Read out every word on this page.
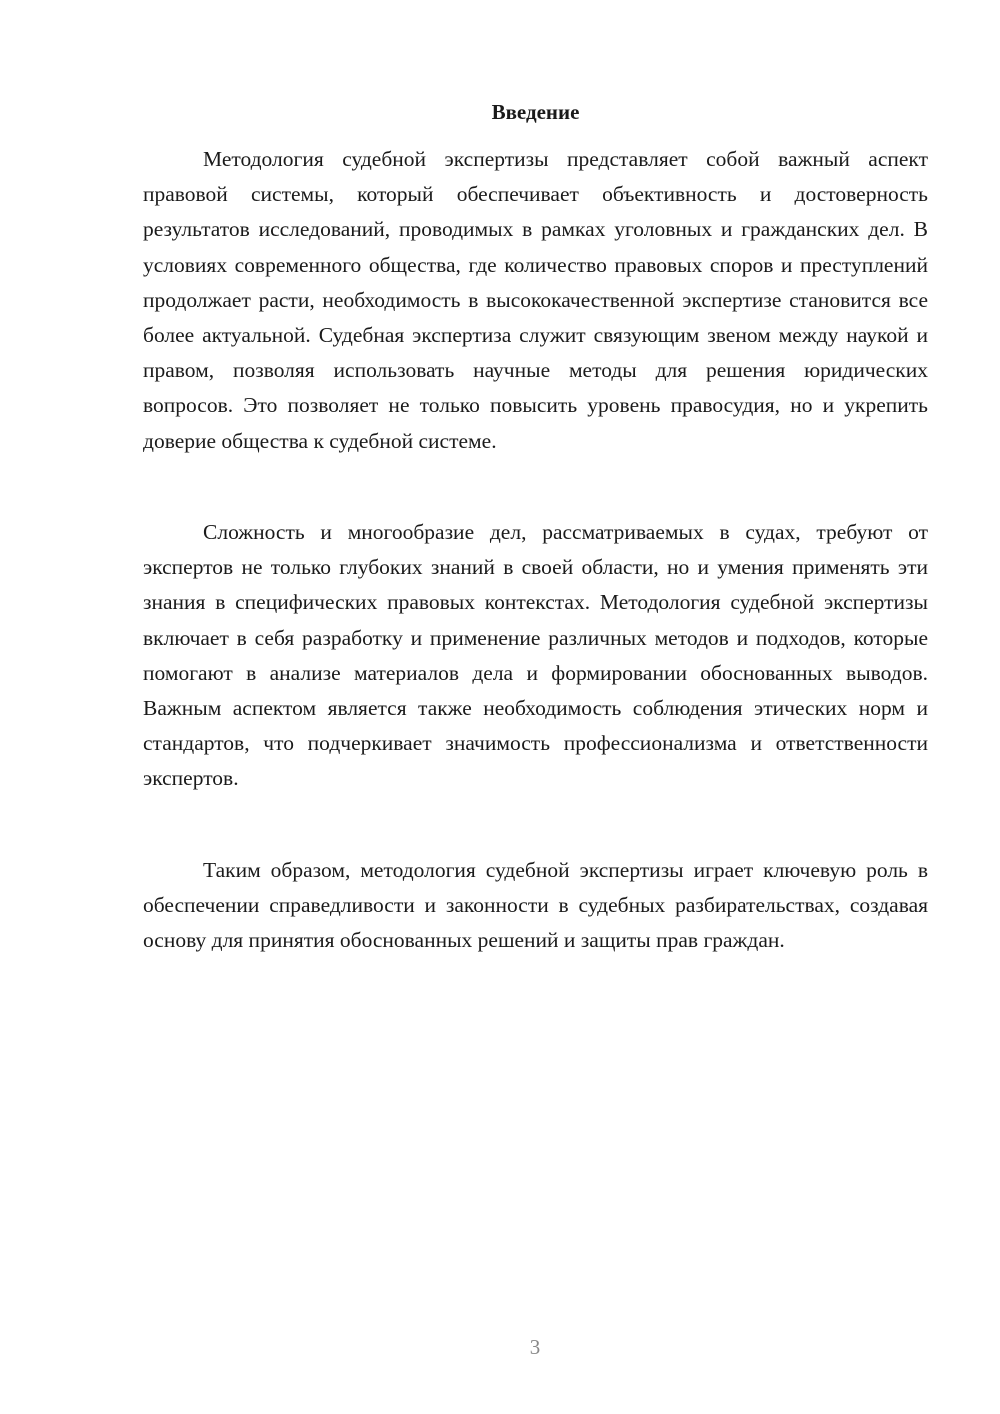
Введение

Методология судебной экспертизы представляет собой важный аспект правовой системы, который обеспечивает объективность и достоверность результатов исследований, проводимых в рамках уголовных и гражданских дел. В условиях современного общества, где количество правовых споров и преступлений продолжает расти, необходимость в высококачественной экспертизе становится все более актуальной. Судебная экспертиза служит связующим звеном между наукой и правом, позволяя использовать научные методы для решения юридических вопросов. Это позволяет не только повысить уровень правосудия, но и укрепить доверие общества к судебной системе.

Сложность и многообразие дел, рассматриваемых в судах, требуют от экспертов не только глубоких знаний в своей области, но и умения применять эти знания в специфических правовых контекстах. Методология судебной экспертизы включает в себя разработку и применение различных методов и подходов, которые помогают в анализе материалов дела и формировании обоснованных выводов. Важным аспектом является также необходимость соблюдения этических норм и стандартов, что подчеркивает значимость профессионализма и ответственности экспертов.

Таким образом, методология судебной экспертизы играет ключевую роль в обеспечении справедливости и законности в судебных разбирательствах, создавая основу для принятия обоснованных решений и защиты прав граждан.

3
